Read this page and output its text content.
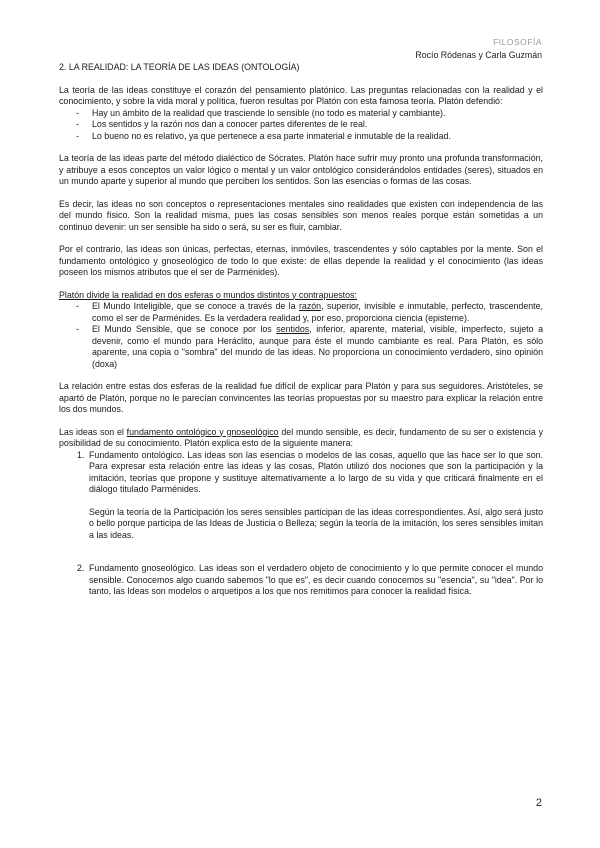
FILOSOFÍA
Rocío Ródenas y Carla Guzmán

2. LA REALIDAD: LA TEORÍA DE LAS IDEAS (ONTOLOGÍA)

La teoría de las ideas constituye el corazón del pensamiento platónico. Las preguntas relacionadas con la realidad y el conocimiento, y sobre la vida moral y política, fueron resultas por Platón con esta famosa teoría. Platón defendió:

-	Hay un ámbito de la realidad que trasciende lo sensible (no todo es material y cambiante).
-	Los sentidos y la razón nos dan a conocer partes diferentes de le real.
-	Lo bueno no es relativo, ya que pertenece a esa parte inmaterial e inmutable de la realidad.

La teoría de las ideas parte del método dialéctico de Sócrates. Platón hace sufrir muy pronto una profunda transformación, y atribuye a esos conceptos un valor lógico o mental y un valor ontológico considerándolos entidades (seres), situados en un mundo aparte y superior al mundo que perciben los sentidos. Son las esencias o formas de las cosas.

Es decir, las ideas no son conceptos o representaciones mentales sino realidades que existen con independencia de las del mundo físico. Son la realidad misma, pues las cosas sensibles son menos reales porque están sometidas a un continuo devenir: un ser sensible ha sido o será, su ser es fluir, cambiar.

Por el contrario, las ideas son únicas, perfectas, eternas, inmóviles, trascendentes y sólo captables por la mente. Son el fundamento ontológico y gnoseológico de todo lo que existe: de ellas depende la realidad y el conocimiento (las ideas poseen los mismos atributos que el ser de Parménides).

Platón divide la realidad en dos esferas o mundos distintos y contrapuestos:

-	El Mundo Inteligible, que se conoce a través de la razón, superior, invisible e inmutable, perfecto, trascendente, como el ser de Parménides. Es la verdadera realidad y, por eso, proporciona ciencia (episteme).
-	El Mundo Sensible, que se conoce por los sentidos, inferior, aparente, material, visible, imperfecto, sujeto a devenir, como el mundo para Heráclito, aunque para éste el mundo cambiante es real. Para Platón, es sólo aparente, una copia o "sombra" del mundo de las ideas. No proporciona un conocimiento verdadero, sino opinión (doxa)

La relación entre estas dos esferas de la realidad fue difícil de explicar para Platón y para sus seguidores. Aristóteles, se apartó de Platón, porque no le parecían convincentes las teorías propuestas por su maestro para explicar la relación entre los dos mundos.

Las ideas son el fundamento ontológico y gnoseológico del mundo sensible, es decir, fundamento de su ser o existencia y posibilidad de su conocimiento. Platón explica esto de la siguiente manera:

1. Fundamento ontológico. Las ideas son las esencias o modelos de las cosas, aquello que las hace ser lo que son. Para expresar esta relación entre las ideas y las cosas, Platón utilizó dos nociones que son la participación y la imitación, teorías que propone y sustituye alternativamente a lo largo de su vida y que criticará finalmente en el diálogo titulado Parménides.

Según la teoría de la Participación los seres sensibles participan de las ideas correspondientes. Así, algo será justo o bello porque participa de las Ideas de Justicia o Belleza; según la teoría de la imitación, los seres sensibles imitan a las ideas.

2. Fundamento gnoseológico. Las ideas son el verdadero objeto de conocimiento y lo que permite conocer el mundo sensible. Conocemos algo cuando sabemos "lo que es", es decir cuando conocemos su "esencia", su "idea". Por lo tanto, las Ideas son modelos o arquetipos a los que nos remitimos para conocer la realidad física.
2
